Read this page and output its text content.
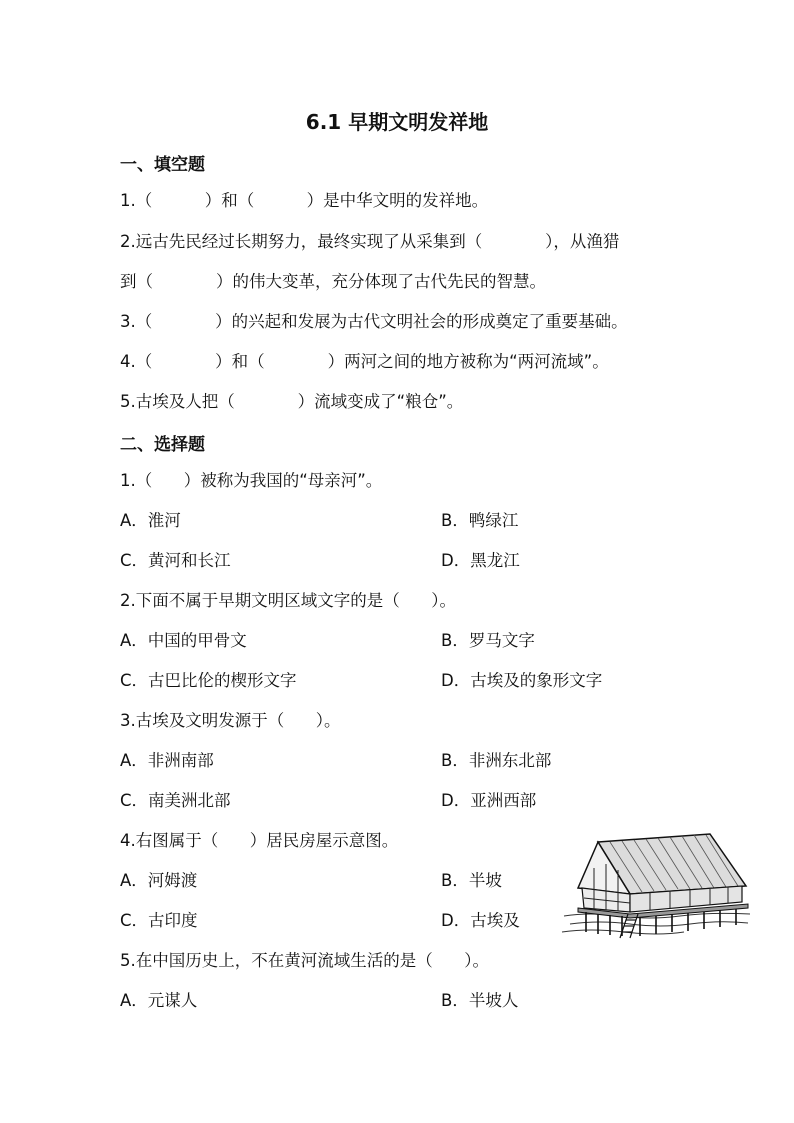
6.1 早期文明发祥地
一、填空题
1.（          ）和（          ）是中华文明的发祥地。
2.远古先民经过长期努力，最终实现了从采集到（            ），从渔猎
到（            ）的伟大变革，充分体现了古代先民的智慧。
3.（            ）的兴起和发展为古代文明社会的形成奠定了重要基础。
4.（            ）和（            ）两河之间的地方被称为“两河流域”。
5.古埃及人把（            ）流域变成了“粮仓”。
二、选择题
1.（      ）被称为我国的“母亲河”。
A．淮河	B．鸭绿江
C．黄河和长江	D．黑龙江
2.下面不属于早期文明区域文字的是（      ）。
A．中国的甲骨文	B．罗马文字
C．古巴比伦的楔形文字	D．古埃及的象形文字
3.古埃及文明发源于（      ）。
A．非洲南部	B．非洲东北部
C．南美洲北部	D．亚洲西部
4.右图属于（      ）居民房屋示意图。
A．河姆渡	B．半坡
C．古印度	D．古埃及
5.在中国历史上，不在黄河流域生活的是（      ）。
A．元谋人	B．半坡人
